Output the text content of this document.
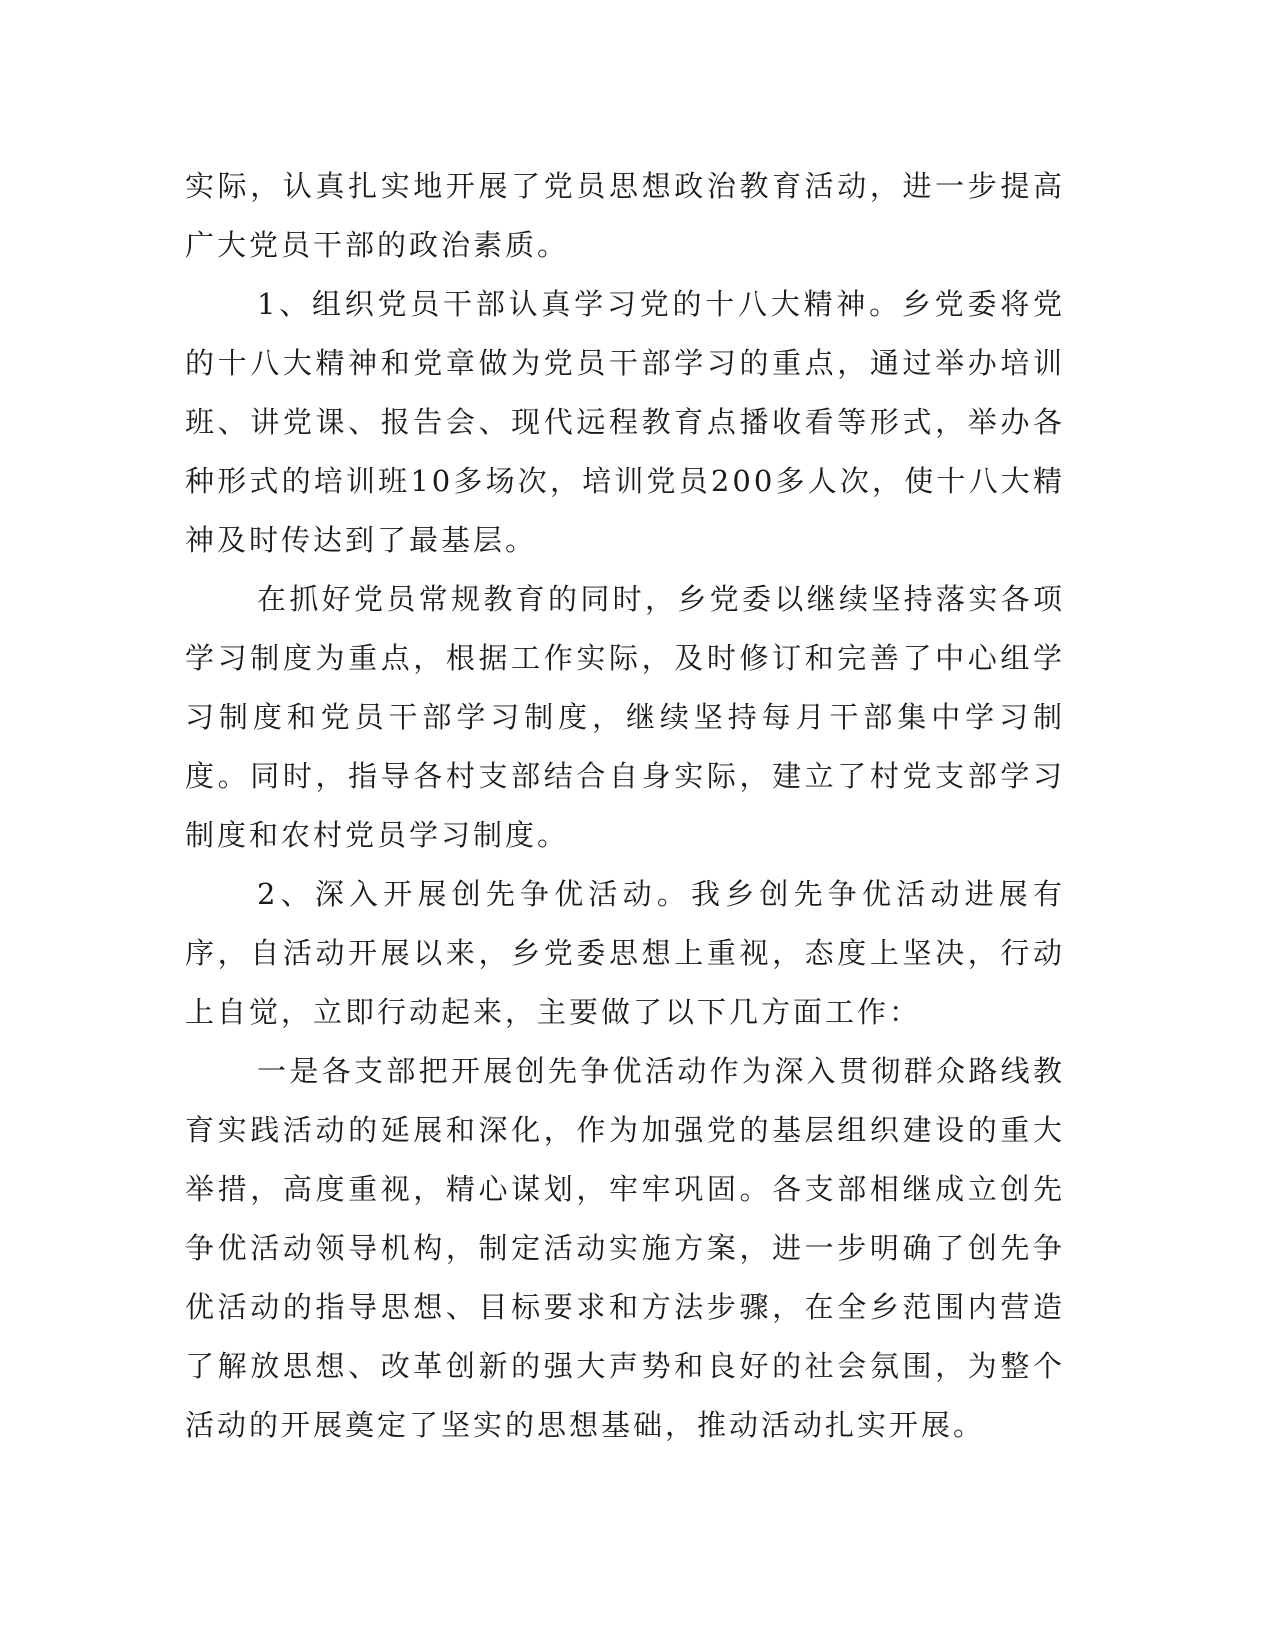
实际，认真扎实地开展了党员思想政治教育活动，进一步提高广大党员干部的政治素质。

1、组织党员干部认真学习党的十八大精神。乡党委将党的十八大精神和党章做为党员干部学习的重点，通过举办培训班、讲党课、报告会、现代远程教育点播收看等形式，举办各种形式的培训班10多场次，培训党员200多人次，使十八大精神及时传达到了最基层。

在抓好党员常规教育的同时，乡党委以继续坚持落实各项学习制度为重点，根据工作实际，及时修订和完善了中心组学习制度和党员干部学习制度，继续坚持每月干部集中学习制度。同时，指导各村支部结合自身实际，建立了村党支部学习制度和农村党员学习制度。

2、深入开展创先争优活动。我乡创先争优活动进展有序，自活动开展以来，乡党委思想上重视，态度上坚决，行动上自觉，立即行动起来，主要做了以下几方面工作：

一是各支部把开展创先争优活动作为深入贯彻群众路线教育实践活动的延展和深化，作为加强党的基层组织建设的重大举措，高度重视，精心谋划，牢牢巩固。各支部相继成立创先争优活动领导机构，制定活动实施方案，进一步明确了创先争优活动的指导思想、目标要求和方法步骤，在全乡范围内营造了解放思想、改革创新的强大声势和良好的社会氛围，为整个活动的开展奠定了坚实的思想基础，推动活动扎实开展。
